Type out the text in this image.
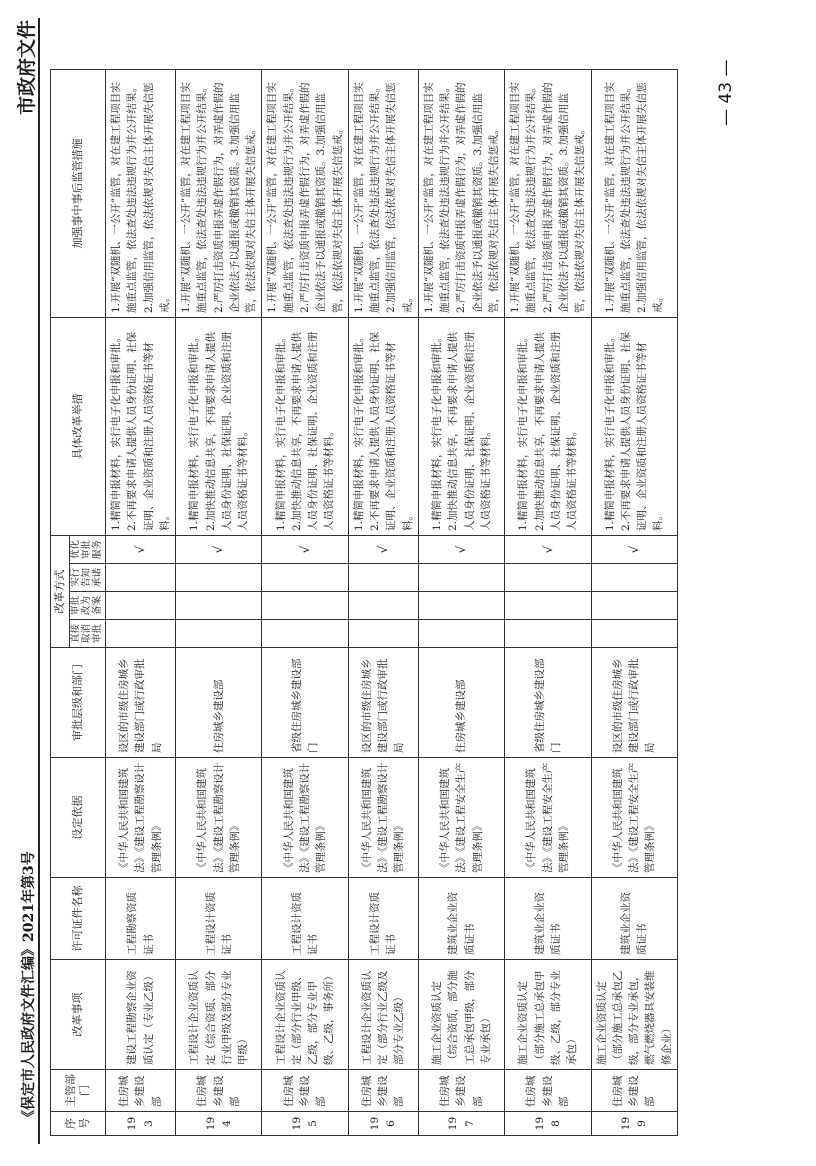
《保定市人民政府文件汇编》2021年第3号
市政府文件
序号	主管部门	改革事项	许可证件名称	设定依据	审批层级和部门	改革方式				具体改革举措	加强事中事后监管措施
						直接取消审批	审批改为备案	实行告知承诺	优化审批服务		
193	住房城乡建设部	建设工程勘察企业资质认定（专业乙级）	工程勘察资质证书	《中华人民共和国建筑法》《建设工程勘察设计管理条例》	设区的市级住房城乡建设部门或行政审批局				√	1.精简申报材料，实行电子化申报和审批。2.不再要求申请人提供人员身份证明、社保证明、企业资质和注册人员资格证书等材料。	1.开展“双随机、一公开”监管，对在建工程项目实施重点监管，依法查处违法违规行为并公开结果。2.加强信用监管，依法依规对失信主体开展失信惩戒。
194	住房城乡建设部	工程设计企业资质认定（综合资质、部分行业甲级及部分专业甲级）	工程设计资质证书	《中华人民共和国建筑法》《建设工程勘察设计管理条例》	住房城乡建设部				√	1.精简申报材料，实行电子化申报和审批。2.加快推动信息共享，不再要求申请人提供人员身份证明、社保证明、企业资质和注册人员资格证书等材料。	1.开展“双随机、一公开”监管，对在建工程项目实施重点监管，依法查处违法违规行为并公开结果。2.严厉打击资质申报弄虚作假行为，对弄虚作假的企业依法予以通报或撤销其资质。3.加强信用监管，依法依规对失信主体开展失信惩戒。
195	住房城乡建设部	工程设计企业资质认定（部分行业甲级、乙级，部分专业甲级、乙级，事务所）	工程设计资质证书	《中华人民共和国建筑法》《建设工程勘察设计管理条例》	省级住房城乡建设部门				√	1.精简申报材料，实行电子化申报和审批。2.加快推动信息共享，不再要求申请人提供人员身份证明、社保证明、企业资质和注册人员资格证书等材料。	1.开展“双随机、一公开”监管，对在建工程项目实施重点监管，依法查处违法违规行为并公开结果。2.严厉打击资质申报弄虚作假行为，对弄虚作假的企业依法予以通报或撤销其资质。3.加强信用监管，依法依规对失信主体开展失信惩戒。
196	住房城乡建设部	工程设计企业资质认定（部分行业乙级及部分专业乙级）	工程设计资质证书	《中华人民共和国建筑法》《建设工程勘察设计管理条例》	设区的市级住房城乡建设部门或行政审批局				√	1.精简申报材料，实行电子化申报和审批。2.不再要求申请人提供人员身份证明、社保证明、企业资质和注册人员资格证书等材料。	1.开展“双随机、一公开”监管，对在建工程项目实施重点监管，依法查处违法违规行为并公开结果。2.加强信用监管，依法依规对失信主体开展失信惩戒。
197	住房城乡建设部	施工企业资质认定（综合资质，部分施工总承包甲级，部分专业承包）	建筑业企业资质证书	《中华人民共和国建筑法》《建设工程安全生产管理条例》	住房城乡建设部				√	1.精简申报材料，实行电子化申报和审批。2.加快推动信息共享，不再要求申请人提供人员身份证明、社保证明、企业资质和注册人员资格证书等材料。	1.开展“双随机、一公开”监管，对在建工程项目实施重点监管，依法查处违法违规行为并公开结果。2.严厉打击资质申报弄虚作假行为，对弄虚作假的企业依法予以通报或撤销其资质。3.加强信用监管，依法依规对失信主体开展失信惩戒。
198	住房城乡建设部	施工企业资质认定（部分施工总承包甲级、乙级，部分专业承包）	建筑业企业资质证书	《中华人民共和国建筑法》《建设工程安全生产管理条例》	省级住房城乡建设部门				√	1.精简申报材料，实行电子化申报和审批。2.加快推动信息共享，不再要求申请人提供人员身份证明、社保证明、企业资质和注册人员资格证书等材料。	1.开展“双随机、一公开”监管，对在建工程项目实施重点监管，依法查处违法违规行为并公开结果。2.严厉打击资质申报弄虚作假行为，对弄虚作假的企业依法予以通报或撤销其资质。3.加强信用监管，依法依规对失信主体开展失信惩戒。
199	住房城乡建设部	施工企业资质认定（部分施工总承包乙级，部分专业承包，燃气燃烧器具安装维修企业）	建筑业企业资质证书	《中华人民共和国建筑法》《建设工程安全生产管理条例》	设区的市级住房城乡建设部门或行政审批局				√	1.精简申报材料，实行电子化申报和审批。2.不再要求申请人提供人员身份证明、社保证明、企业资质和注册人员资格证书等材料。	1.开展“双随机、一公开”监管，对在建工程项目实施重点监管，依法查处违法违规行为并公开结果。2.加强信用监管，依法依规对失信主体开展失信惩戒。
— 43 —
